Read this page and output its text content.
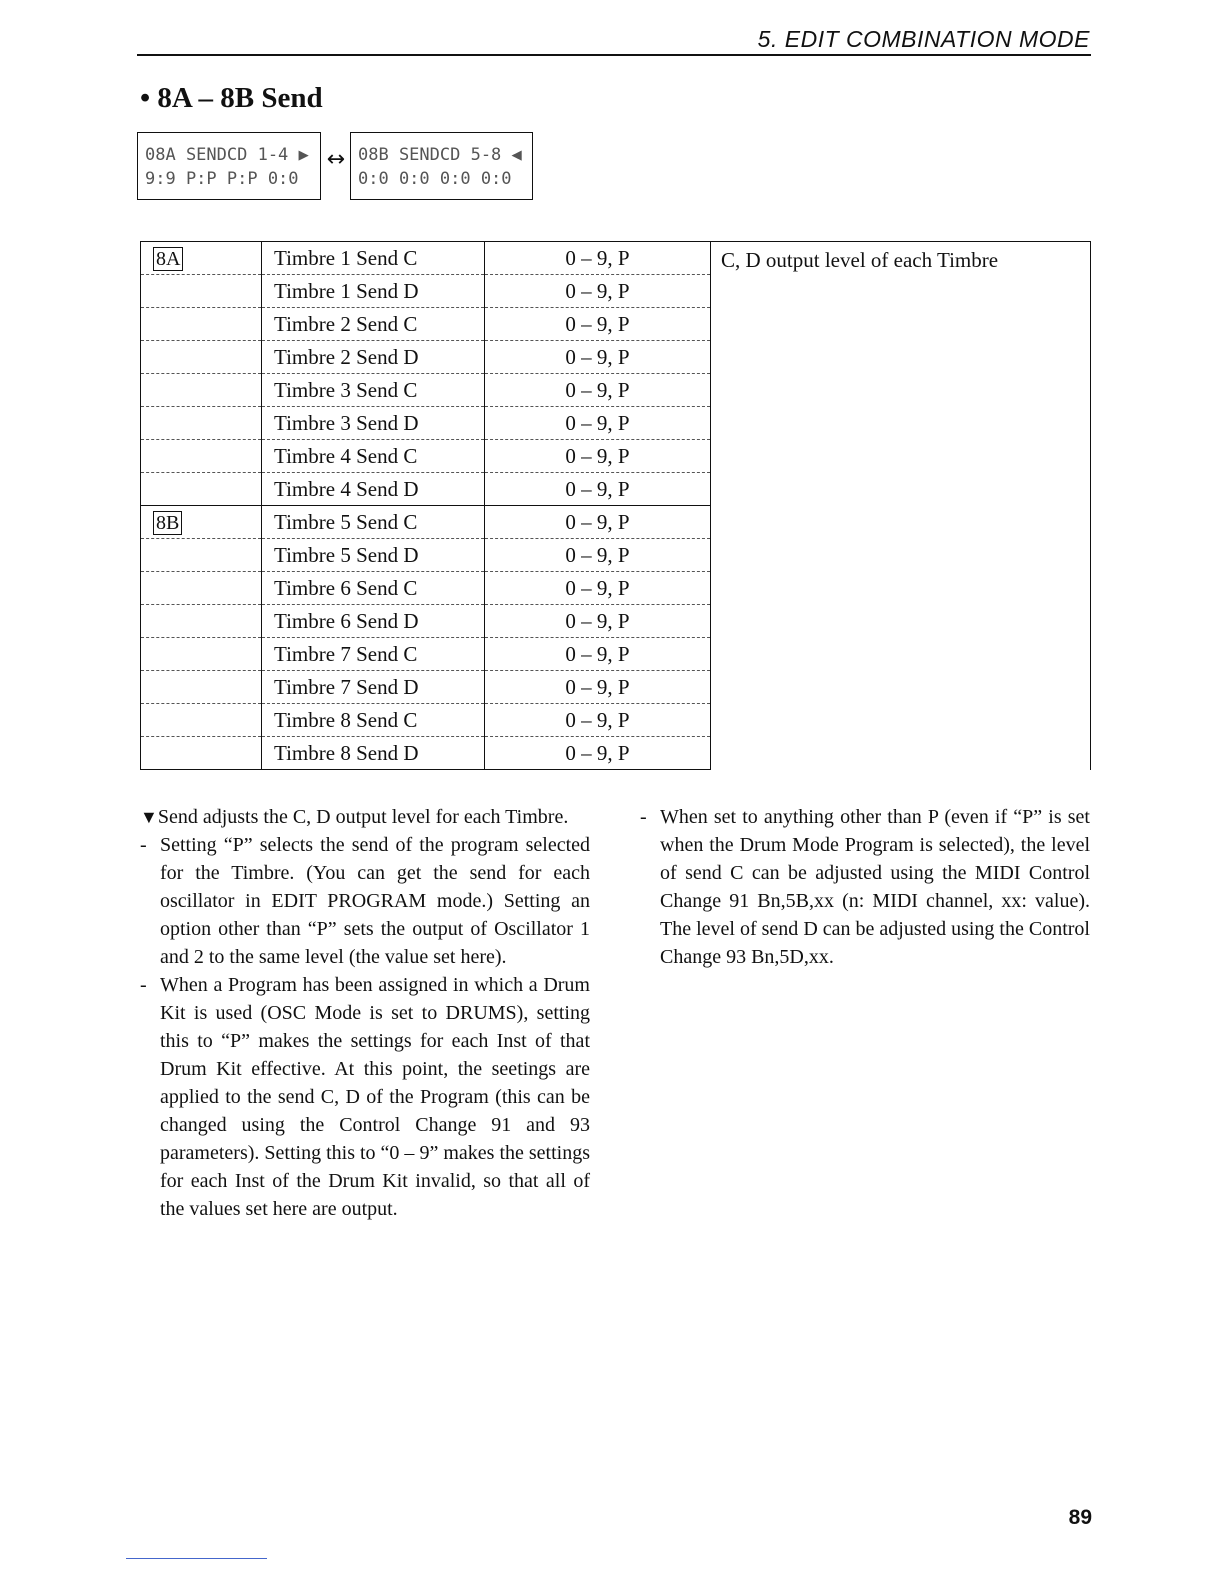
5. EDIT COMBINATION MODE
• 8A – 8B Send
08A SENDCD 1-4 ▶
9:9 P:P P:P 0:0
↔ 08B SENDCD 5-8 ◀
0:0 0:0 0:0 0:0
8A	Timbre 1 Send C	0 – 9, P	C, D output level of each Timbre
	Timbre 1 Send D	0 – 9, P	
	Timbre 2 Send C	0 – 9, P	
	Timbre 2 Send D	0 – 9, P	
	Timbre 3 Send C	0 – 9, P	
	Timbre 3 Send D	0 – 9, P	
	Timbre 4 Send C	0 – 9, P	
	Timbre 4 Send D	0 – 9, P	
8B	Timbre 5 Send C	0 – 9, P	
	Timbre 5 Send D	0 – 9, P	
	Timbre 6 Send C	0 – 9, P	
	Timbre 6 Send D	0 – 9, P	
	Timbre 7 Send C	0 – 9, P	
	Timbre 7 Send D	0 – 9, P	
	Timbre 8 Send C	0 – 9, P	
	Timbre 8 Send D	0 – 9, P	

▼Send adjusts the C, D output level for each Timbre.

- Setting “P” selects the send of the program selected for the Timbre. (You can get the send for each oscillator in EDIT PROGRAM mode.) Setting an option other than “P” sets the output of Oscillator 1 and 2 to the same level (the value set here).

- When a Program has been assigned in which a Drum Kit is used (OSC Mode is set to DRUMS), setting this to “P” makes the settings for each Inst of that Drum Kit effective. At this point, the seetings are applied to the send C, D of the Program (this can be changed using the Control Change 91 and 93 parameters). Setting this to “0 – 9” makes the settings for each Inst of the Drum Kit invalid, so that all of the values set here are output.

- When set to anything other than P (even if “P” is set when the Drum Mode Program is selected), the level of send C can be adjusted using the MIDI Control Change 91 Bn,5B,xx (n: MIDI channel, xx: value). The level of send D can be adjusted using the Control Change 93 Bn,5D,xx.

89
